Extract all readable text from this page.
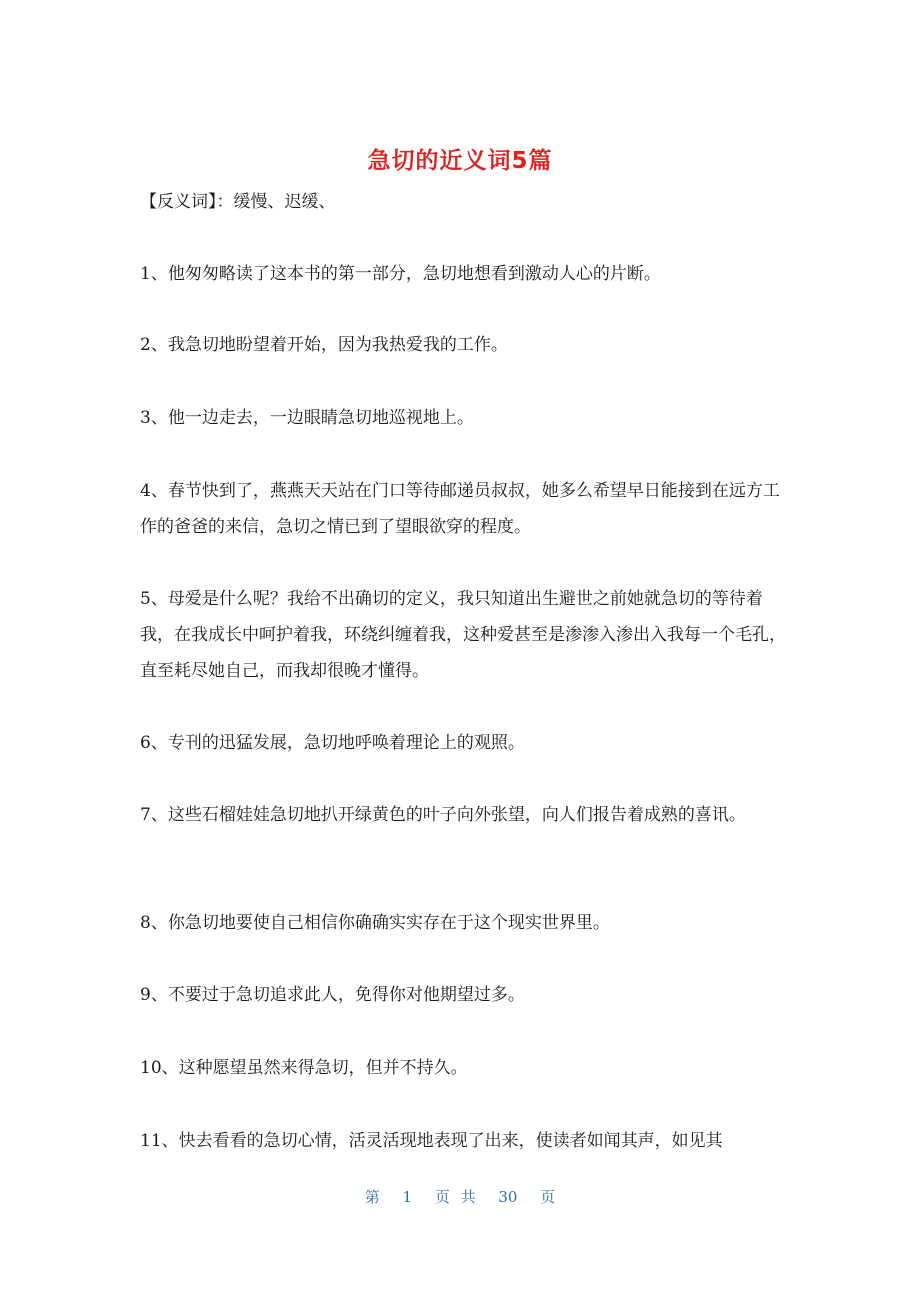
急切的近义词5篇

【反义词】：缓慢、迟缓、

1、他匆匆略读了这本书的第一部分，急切地想看到激动人心的片断。

2、我急切地盼望着开始，因为我热爱我的工作。

3、他一边走去，一边眼睛急切地巡视地上。

4、春节快到了，燕燕天天站在门口等待邮递员叔叔，她多么希望早日能接到在远方工作的爸爸的来信，急切之情已到了望眼欲穿的程度。

5、母爱是什么呢？我给不出确切的定义，我只知道出生避世之前她就急切的等待着我，在我成长中呵护着我，环绕纠缠着我，这种爱甚至是渗渗入渗出入我每一个毛孔，直至耗尽她自己，而我却很晚才懂得。

6、专刊的迅猛发展，急切地呼唤着理论上的观照。

7、这些石榴娃娃急切地扒开绿黄色的叶子向外张望，向人们报告着成熟的喜讯。

8、你急切地要使自己相信你确确实实存在于这个现实世界里。

9、不要过于急切追求此人，免得你对他期望过多。

10、这种愿望虽然来得急切，但并不持久。

11、快去看看的急切心情，活灵活现地表现了出来，使读者如闻其声，如见其

第 1 页 共 30 页
